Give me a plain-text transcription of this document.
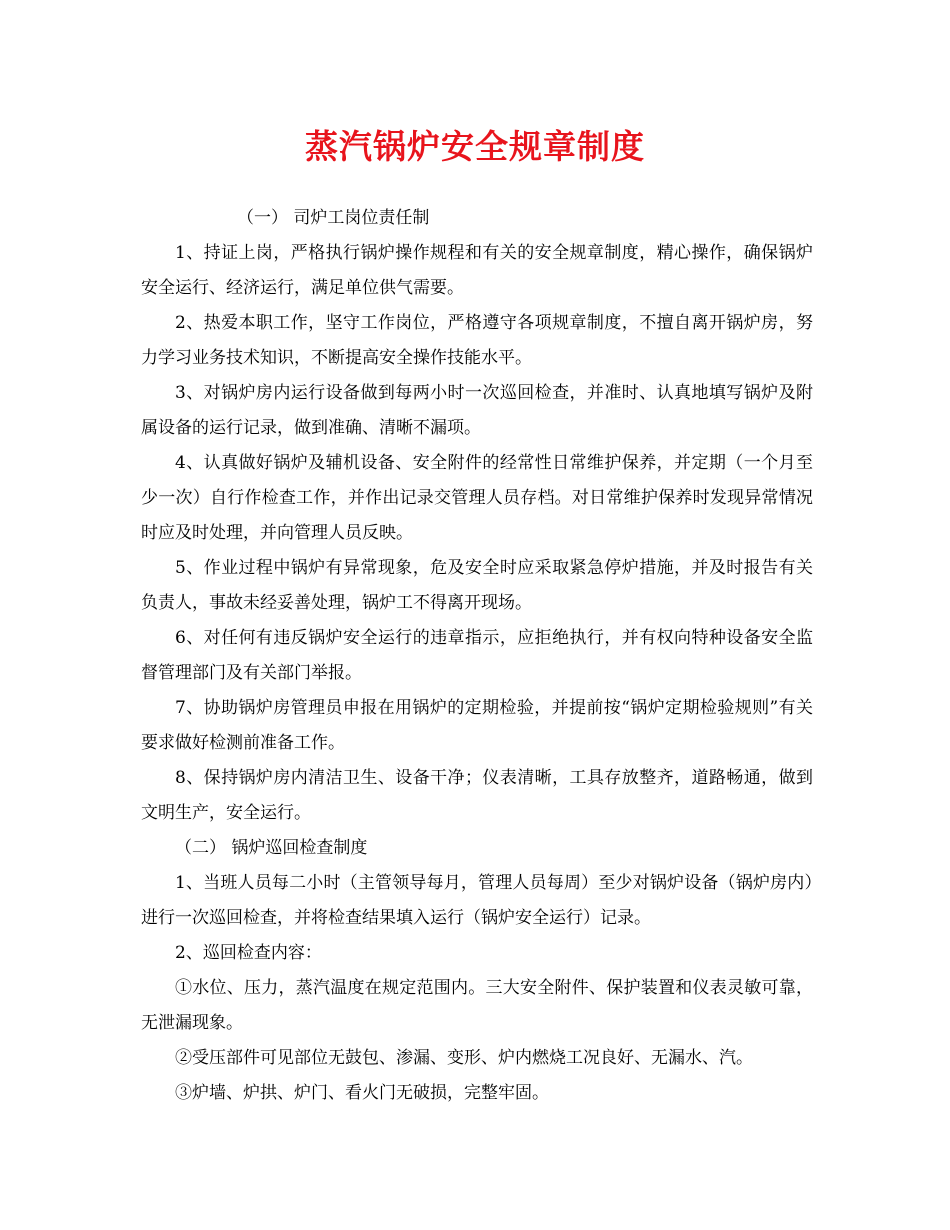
蒸汽锅炉安全规章制度

（一） 司炉工岗位责任制

1、持证上岗，严格执行锅炉操作规程和有关的安全规章制度，精心操作，确保锅炉安全运行、经济运行，满足单位供气需要。

2、热爱本职工作，坚守工作岗位，严格遵守各项规章制度，不擅自离开锅炉房，努力学习业务技术知识，不断提高安全操作技能水平。

3、对锅炉房内运行设备做到每两小时一次巡回检查，并准时、认真地填写锅炉及附属设备的运行记录，做到准确、清晰不漏项。

4、认真做好锅炉及辅机设备、安全附件的经常性日常维护保养，并定期（一个月至少一次）自行作检查工作，并作出记录交管理人员存档。对日常维护保养时发现异常情况时应及时处理，并向管理人员反映。

5、作业过程中锅炉有异常现象，危及安全时应采取紧急停炉措施，并及时报告有关负责人，事故未经妥善处理，锅炉工不得离开现场。

6、对任何有违反锅炉安全运行的违章指示，应拒绝执行，并有权向特种设备安全监督管理部门及有关部门举报。

7、协助锅炉房管理员申报在用锅炉的定期检验，并提前按“锅炉定期检验规则”有关要求做好检测前准备工作。

8、保持锅炉房内清洁卫生、设备干净；仪表清晰，工具存放整齐，道路畅通，做到文明生产，安全运行。

（二） 锅炉巡回检查制度

1、当班人员每二小时（主管领导每月，管理人员每周）至少对锅炉设备（锅炉房内）进行一次巡回检查，并将检查结果填入运行（锅炉安全运行）记录。

2、巡回检查内容：

①水位、压力，蒸汽温度在规定范围内。三大安全附件、保护装置和仪表灵敏可靠，无泄漏现象。

②受压部件可见部位无鼓包、渗漏、变形、炉内燃烧工况良好、无漏水、汽。

③炉墙、炉拱、炉门、看火门无破损，完整牢固。
